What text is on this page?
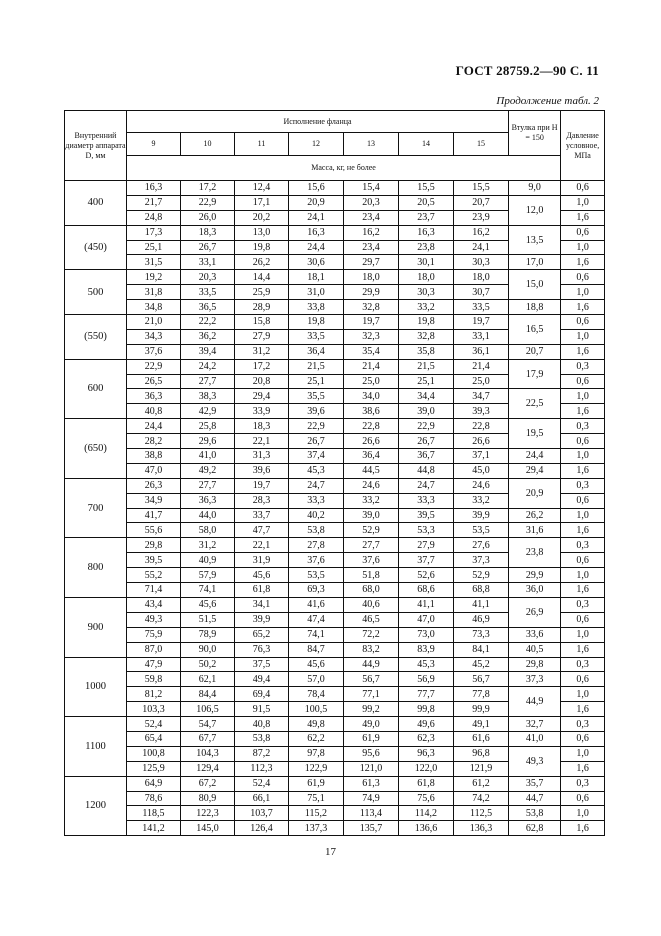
ГОСТ 28759.2—90 С. 11
Продолжение табл. 2
Внутренний диаметр аппарата D, мм	Исполнение фланца							Втулка при H = 150	Давление условное, МПа
	9	10	11	12	13	14	15		
	Масса, кг, не более								
400	16,3	17,2	12,4	15,6	15,4	15,5	15,5	9,0	0,6
	21,7	22,9	17,1	20,9	20,3	20,5	20,7	12,0	1,0
	24,8	26,0	20,2	24,1	23,4	23,7	23,9		1,6
(450)	17,3	18,3	13,0	16,3	16,2	16,3	16,2	13,5	0,6
	25,1	26,7	19,8	24,4	23,4	23,8	24,1		1,0
	31,5	33,1	26,2	30,6	29,7	30,1	30,3	17,0	1,6
500	19,2	20,3	14,4	18,1	18,0	18,0	18,0	15,0	0,6
	31,8	33,5	25,9	31,0	29,9	30,3	30,7		1,0
	34,8	36,5	28,9	33,8	32,8	33,2	33,5	18,8	1,6
(550)	21,0	22,2	15,8	19,8	19,7	19,8	19,7	16,5	0,6
	34,3	36,2	27,9	33,5	32,3	32,8	33,1		1,0
	37,6	39,4	31,2	36,4	35,4	35,8	36,1	20,7	1,6
600	22,9	24,2	17,2	21,5	21,4	21,5	21,4	17,9	0,3
	26,5	27,7	20,8	25,1	25,0	25,1	25,0		0,6
	36,3	38,3	29,4	35,5	34,0	34,4	34,7	22,5	1,0
	40,8	42,9	33,9	39,6	38,6	39,0	39,3		1,6
(650)	24,4	25,8	18,3	22,9	22,8	22,9	22,8	19,5	0,3
	28,2	29,6	22,1	26,7	26,6	26,7	26,6		0,6
	38,8	41,0	31,3	37,4	36,4	36,7	37,1	24,4	1,0
	47,0	49,2	39,6	45,3	44,5	44,8	45,0	29,4	1,6
700	26,3	27,7	19,7	24,7	24,6	24,7	24,6	20,9	0,3
	34,9	36,3	28,3	33,3	33,2	33,3	33,2		0,6
	41,7	44,0	33,7	40,2	39,0	39,5	39,9	26,2	1,0
	55,6	58,0	47,7	53,8	52,9	53,3	53,5	31,6	1,6
800	29,8	31,2	22,1	27,8	27,7	27,9	27,6	23,8	0,3
	39,5	40,9	31,9	37,6	37,6	37,7	37,3		0,6
	55,2	57,9	45,6	53,5	51,8	52,6	52,9	29,9	1,0
	71,4	74,1	61,8	69,3	68,0	68,6	68,8	36,0	1,6
900	43,4	45,6	34,1	41,6	40,6	41,1	41,1	26,9	0,3
	49,3	51,5	39,9	47,4	46,5	47,0	46,9		0,6
	75,9	78,9	65,2	74,1	72,2	73,0	73,3	33,6	1,0
	87,0	90,0	76,3	84,7	83,2	83,9	84,1	40,5	1,6
1000	47,9	50,2	37,5	45,6	44,9	45,3	45,2	29,8	0,3
	59,8	62,1	49,4	57,0	56,7	56,9	56,7	37,3	0,6
	81,2	84,4	69,4	78,4	77,1	77,7	77,8	44,9	1,0
	103,3	106,5	91,5	100,5	99,2	99,8	99,9		1,6
1100	52,4	54,7	40,8	49,8	49,0	49,6	49,1	32,7	0,3
	65,4	67,7	53,8	62,2	61,9	62,3	61,6	41,0	0,6
	100,8	104,3	87,2	97,8	95,6	96,3	96,8	49,3	1,0
	125,9	129,4	112,3	122,9	121,0	122,0	121,9		1,6
1200	64,9	67,2	52,4	61,9	61,3	61,8	61,2	35,7	0,3
	78,6	80,9	66,1	75,1	74,9	75,6	74,2	44,7	0,6
	118,5	122,3	103,7	115,2	113,4	114,2	112,5	53,8	1,0
	141,2	145,0	126,4	137,3	135,7	136,6	136,3	62,8	1,6
17
